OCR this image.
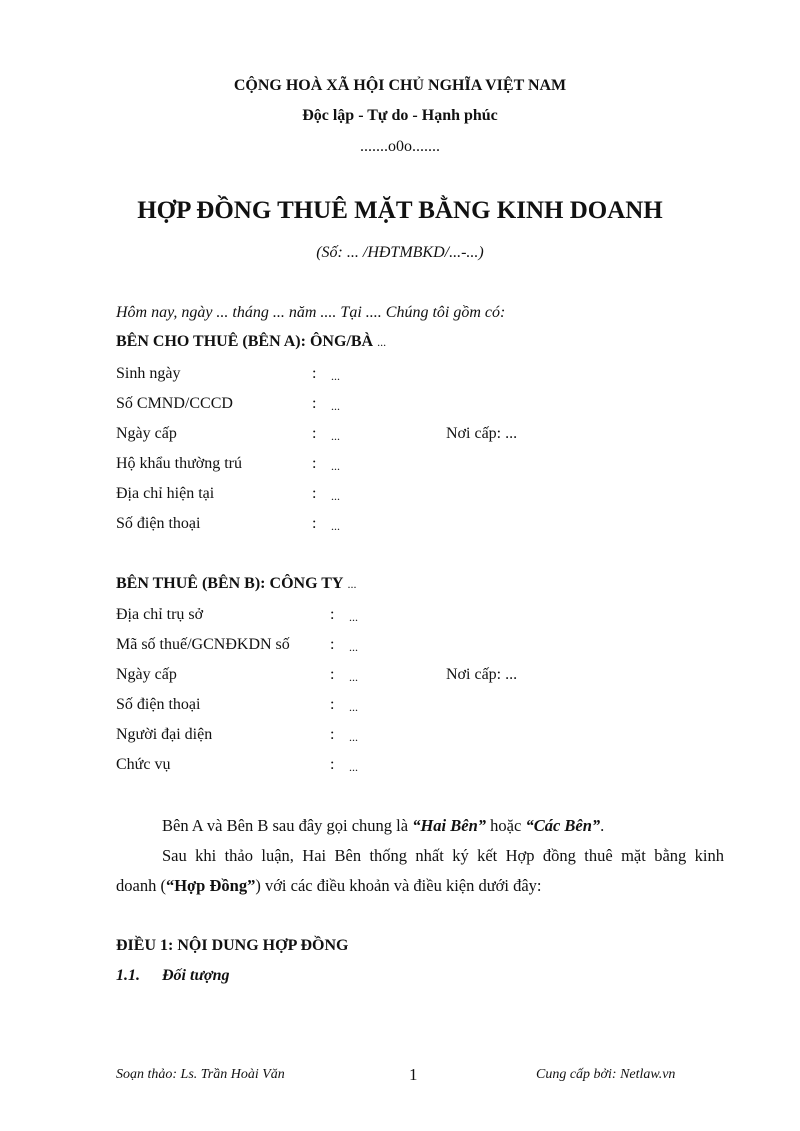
CỘNG HOÀ XÃ HỘI CHỦ NGHĨA VIỆT NAM
Độc lập - Tự do - Hạnh phúc
.......o0o.......
HỢP ĐỒNG THUÊ MẶT BẰNG KINH DOANH
(Số: ... /HĐTMBKD/...-...)
Hôm nay, ngày ... tháng ... năm .... Tại .... Chúng tôi gồm có:
BÊN CHO THUÊ (BÊN A): ÔNG/BÀ ...
Sinh ngày	: ...
Số CMND/CCCD	: ...
Ngày cấp	: ...	Nơi cấp: ...
Hộ khẩu thường trú	: ...
Địa chỉ hiện tại	: ...
Số điện thoại	: ...
BÊN THUÊ (BÊN B): CÔNG TY ...
Địa chỉ trụ sở	: ...
Mã số thuế/GCNĐKDN số	: ...
Ngày cấp	: ...	Nơi cấp: ...
Số điện thoại	: ...
Người đại diện	: ...
Chức vụ	: ...
Bên A và Bên B sau đây gọi chung là “Hai Bên” hoặc “Các Bên”.
Sau khi thảo luận, Hai Bên thống nhất ký kết Hợp đồng thuê mặt bằng kinh
doanh (“Hợp Đồng”) với các điều khoản và điều kiện dưới đây:
ĐIỀU 1: NỘI DUNG HỢP ĐỒNG
1.1. Đối tượng
Soạn thảo: Ls. Trần Hoài Văn	1	Cung cấp bởi: Netlaw.vn
